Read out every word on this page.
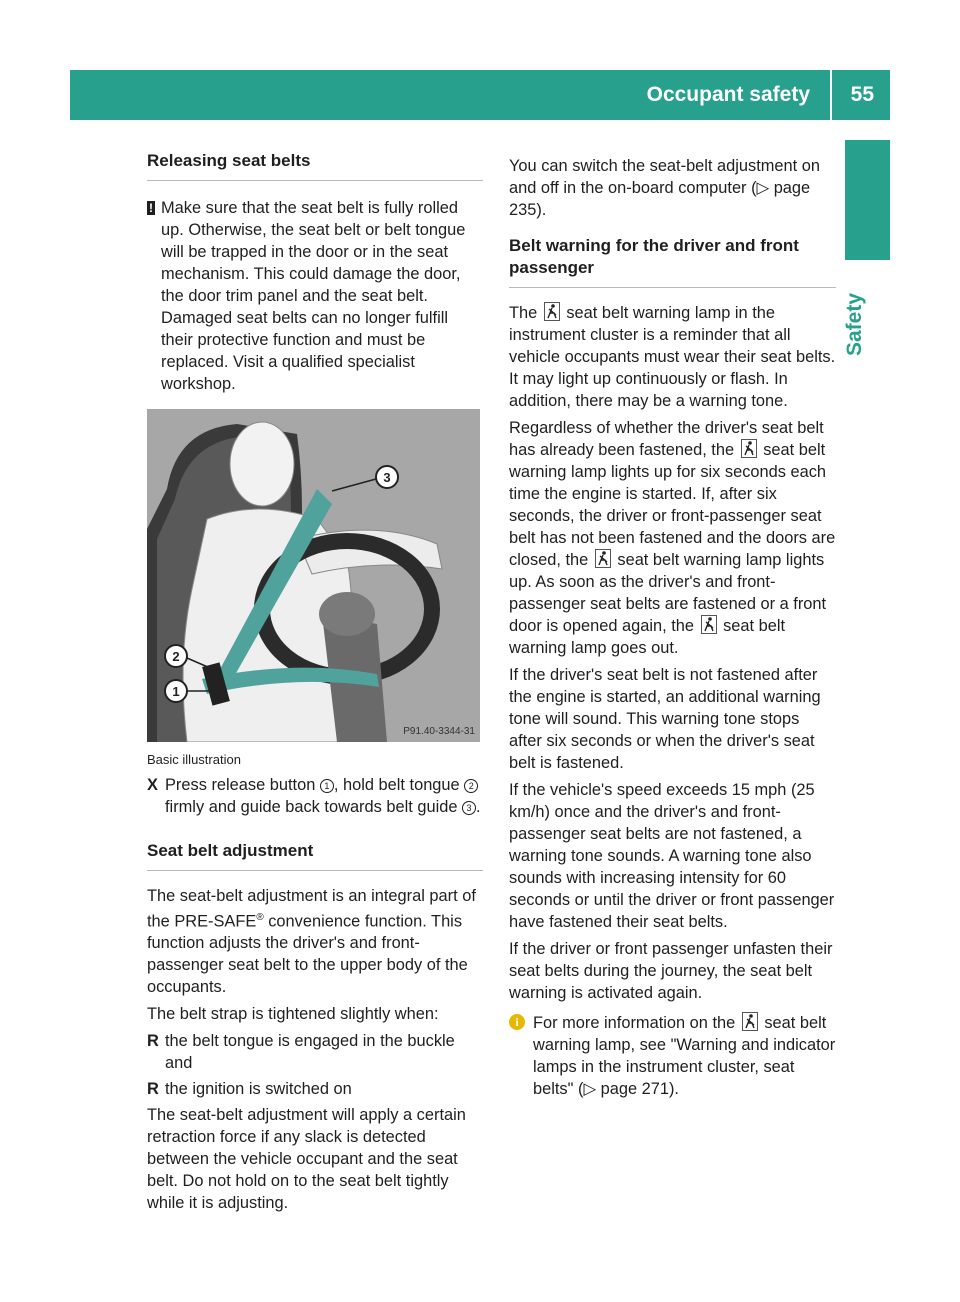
Occupant safety 55
Safety
Releasing seat belts
! Make sure that the seat belt is fully rolled up. Otherwise, the seat belt or belt tongue will be trapped in the door or in the seat mechanism. This could damage the door, the door trim panel and the seat belt. Damaged seat belts can no longer fulfill their protective function and must be replaced. Visit a qualified specialist workshop.
3
2
1
P91.40-3344-31
Basic illustration
X Press release button 1 , hold belt tongue 2 firmly and guide back towards belt guide 3 .
Seat belt adjustment

The seat-belt adjustment is an integral part of the PRE-SAFE® convenience function. This function adjusts the driver's and front-passenger seat belt to the upper body of the occupants.

The belt strap is tightened slightly when:

R the belt tongue is engaged in the buckle and
R the ignition is switched on

The seat-belt adjustment will apply a certain retraction force if any slack is detected between the vehicle occupant and the seat belt. Do not hold on to the seat belt tightly while it is adjusting.

You can switch the seat-belt adjustment on and off in the on-board computer (▷ page 235).

Belt warning for the driver and front passenger

The
seat belt warning lamp in the instrument cluster is a reminder that all vehicle occupants must wear their seat belts. It may light up continuously or flash. In addition, there may be a warning tone.

Regardless of whether the driver's seat belt has already been fastened, the
seat belt warning lamp lights up for six seconds each time the engine is started. If, after six seconds, the driver or front-passenger seat belt has not been fastened and the doors are closed, the
seat belt warning lamp lights up. As soon as the driver's and front-passenger seat belts are fastened or a front door is opened again, the
seat belt warning lamp goes out.

If the driver's seat belt is not fastened after the engine is started, an additional warning tone will sound. This warning tone stops after six seconds or when the driver's seat belt is fastened.

If the vehicle's speed exceeds 15 mph (25 km/h) once and the driver's and front-passenger seat belts are not fastened, a warning tone sounds. A warning tone also sounds with increasing intensity for 60 seconds or until the driver or front passenger have fastened their seat belts.

If the driver or front passenger unfasten their seat belts during the journey, the seat belt warning is activated again.

i For more information on the
seat belt warning lamp, see "Warning and indicator lamps in the instrument cluster, seat belts" (▷ page 271).
